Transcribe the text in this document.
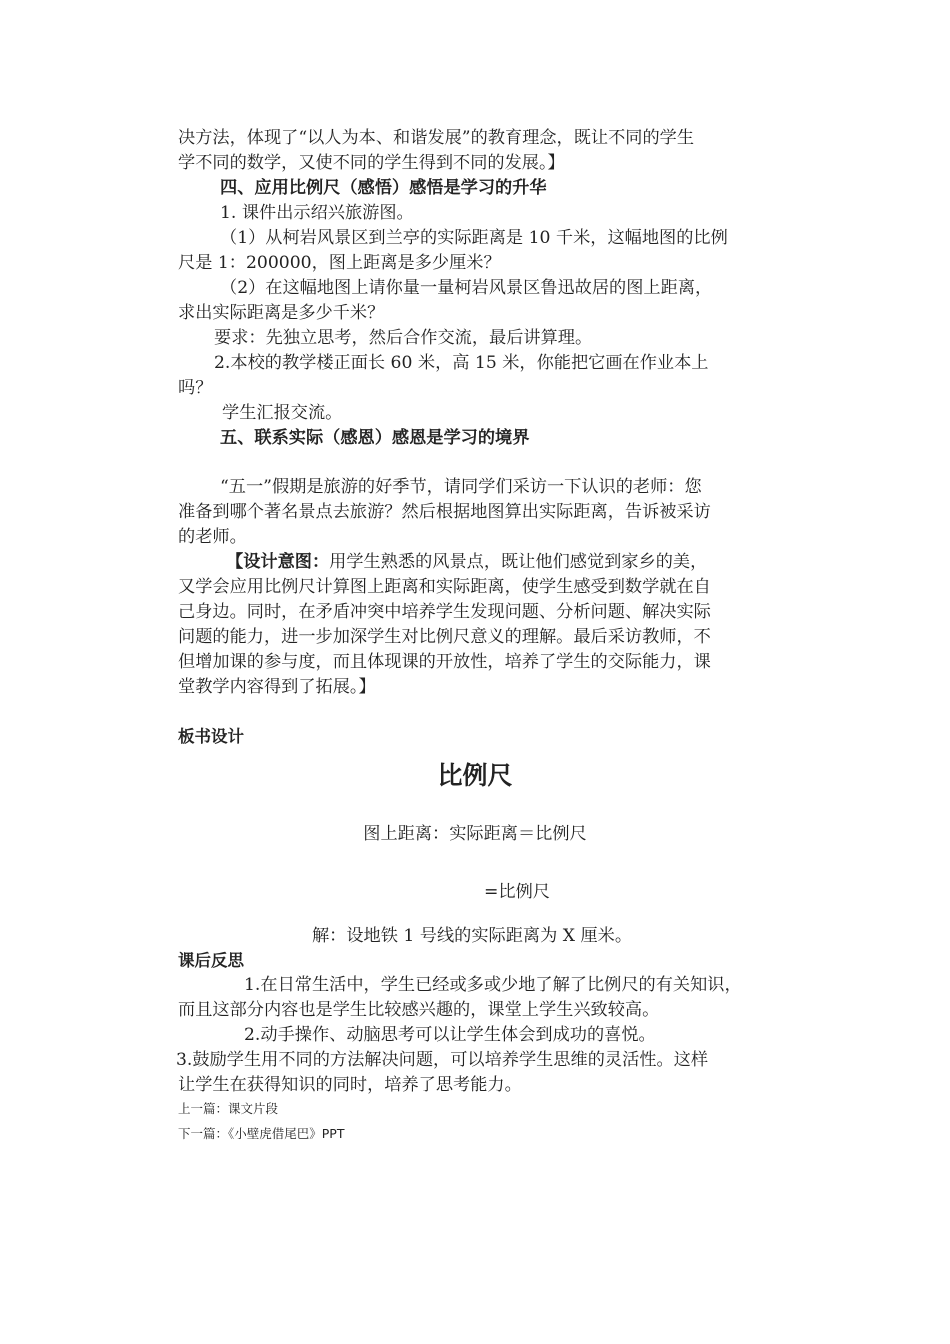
决方法，体现了“以人为本、和谐发展”的教育理念，既让不同的学生

学不同的数学，又使不同的学生得到不同的发展。】

四、应用比例尺（感悟）感悟是学习的升华

1. 课件出示绍兴旅游图。

（1）从柯岩风景区到兰亭的实际距离是 10 千米，这幅地图的比例

尺是 1：200000，图上距离是多少厘米？

（2）在这幅地图上请你量一量柯岩风景区鲁迅故居的图上距离，

求出实际距离是多少千米？

要求：先独立思考，然后合作交流，最后讲算理。

2.本校的教学楼正面长 60 米，高 15 米，你能把它画在作业本上

吗？

学生汇报交流。

五、联系实际（感恩）感恩是学习的境界

“五一”假期是旅游的好季节，请同学们采访一下认识的老师：您

准备到哪个著名景点去旅游？然后根据地图算出实际距离，告诉被采访

的老师。

【设计意图：用学生熟悉的风景点，既让他们感觉到家乡的美，

又学会应用比例尺计算图上距离和实际距离，使学生感受到数学就在自

己身边。同时，在矛盾冲突中培养学生发现问题、分析问题、解决实际

问题的能力，进一步加深学生对比例尺意义的理解。最后采访教师，不

但增加课的参与度，而且体现课的开放性，培养了学生的交际能力，课

堂教学内容得到了拓展。】

板书设计

比例尺

图上距离：实际距离＝比例尺

=比例尺

解：设地铁 1 号线的实际距离为 X 厘米。

课后反思

1.在日常生活中，学生已经或多或少地了解了比例尺的有关知识，

而且这部分内容也是学生比较感兴趣的，课堂上学生兴致较高。

2.动手操作、动脑思考可以让学生体会到成功的喜悦。

3.鼓励学生用不同的方法解决问题，可以培养学生思维的灵活性。这样

让学生在获得知识的同时，培养了思考能力。

上一篇：课文片段

下一篇：《小壁虎借尾巴》PPT
